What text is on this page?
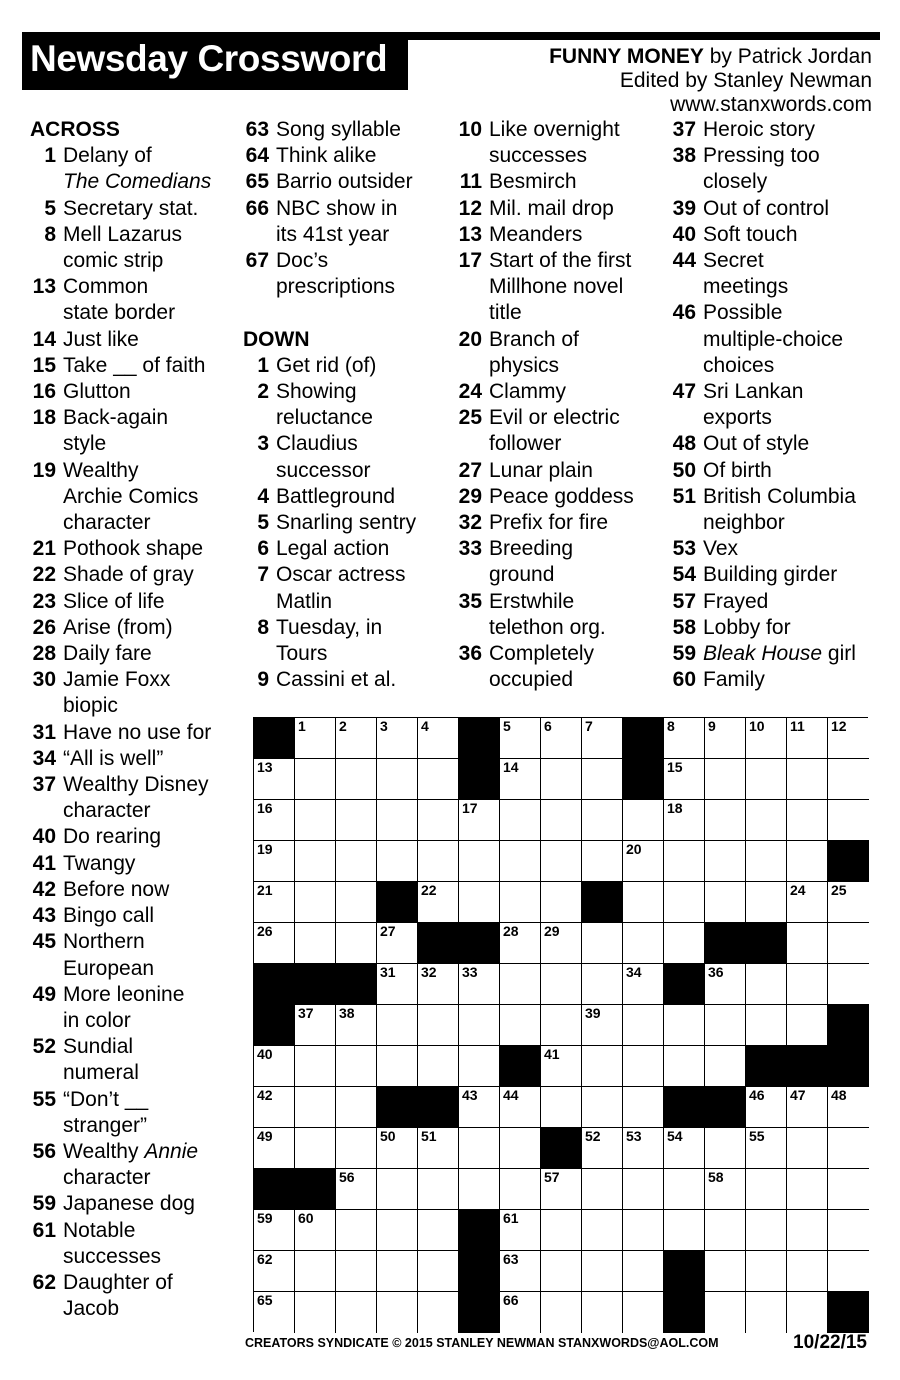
Newsday Crossword	FUNNY MONEY by Patrick Jordan
Edited by Stanley Newman
www.stanxwords.com
ACROSS
1 Delany of
The Comedians
5 Secretary stat.
8 Mell Lazarus
comic strip
13 Common
state border
14 Just like
15 Take __ of faith
16 Glutton
18 Back-again
style
19 Wealthy
Archie Comics
character
21 Pothook shape
22 Shade of gray
23 Slice of life
26 Arise (from)
28 Daily fare
30 Jamie Foxx
biopic
31 Have no use for
34 “All is well”
37 Wealthy Disney
character
40 Do rearing
41 Twangy
42 Before now
43 Bingo call
45 Northern
European
49 More leonine
in color
52 Sundial
numeral
55 “Don’t __
stranger”
56 Wealthy Annie
character
59 Japanese dog
61 Notable
successes
62 Daughter of
Jacob
63 Song syllable
64 Think alike
65 Barrio outsider
66 NBC show in
its 41st year
67 Doc’s
prescriptions
DOWN
1 Get rid (of)
2 Showing
reluctance
3 Claudius
successor
4 Battleground
5 Snarling sentry
6 Legal action
7 Oscar actress
Matlin
8 Tuesday, in
Tours
9 Cassini et al.
10 Like overnight
successes
11 Besmirch
12 Mil. mail drop
13 Meanders
17 Start of the first
Millhone novel
title
20 Branch of
physics
24 Clammy
25 Evil or electric
follower
27 Lunar plain
29 Peace goddess
32 Prefix for fire
33 Breeding
ground
35 Erstwhile
telethon org.
36 Completely
occupied
37 Heroic story
38 Pressing too
closely
39 Out of control
40 Soft touch
44 Secret
meetings
46 Possible
multiple-choice
choices
47 Sri Lankan
exports
48 Out of style
50 Of birth
51 British Columbia
neighbor
53 Vex
54 Building girder
57 Frayed
58 Lobby for
59 Bleak House girl
60 Family
1 2 3 4	5 6 7	8 9 10 11 12
13	14	15
16	17	18
19	20
21	22	23	24 25
26	27	28 29	30
31 32 33	34 35 36
37 38	39
40	41
42	43 44	45 46 47 48
49	50 51	52 53 54	55
56	57	58
59 60	61
62	63	64
65	66	67
CREATORS SYNDICATE © 2015 STANLEY NEWMAN STANXWORDS@AOL.COM	10/22/15
